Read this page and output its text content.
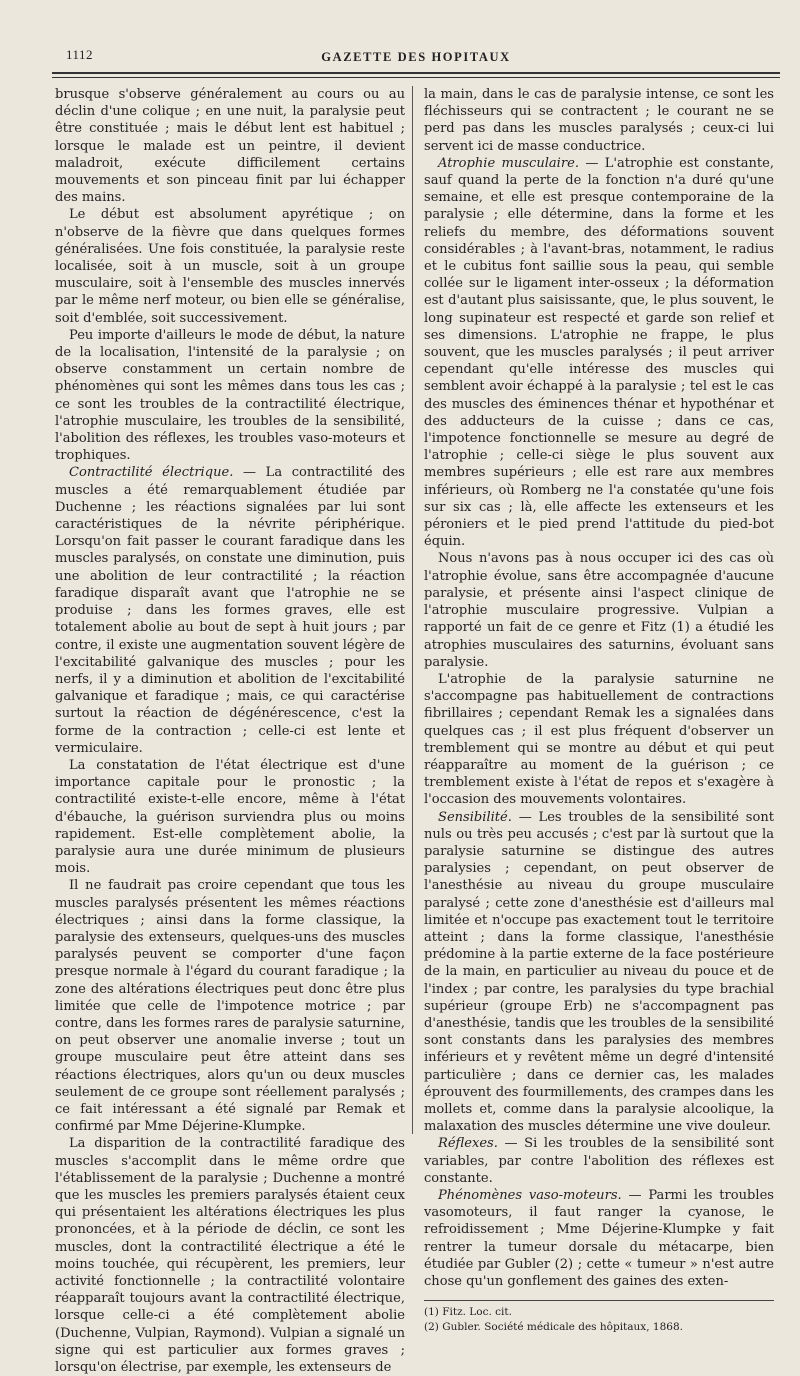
1112	GAZETTE DES HOPITAUX

brusque s'observe généralement au cours ou au déclin d'une colique ; en une nuit, la paralysie peut être constituée ; mais le début lent est habituel ; lorsque le malade est un peintre, il devient maladroit, exécute difficilement certains mouvements et son pinceau finit par lui échapper des mains.

Le début est absolument apyrétique ; on n'observe de la fièvre que dans quelques formes généralisées. Une fois constituée, la paralysie reste localisée, soit à un muscle, soit à un groupe musculaire, soit à l'ensemble des muscles innervés par le même nerf moteur, ou bien elle se généralise, soit d'emblée, soit successivement.

Peu importe d'ailleurs le mode de début, la nature de la localisation, l'intensité de la paralysie ; on observe constamment un certain nombre de phénomènes qui sont les mêmes dans tous les cas ; ce sont les troubles de la contractilité électrique, l'atrophie musculaire, les troubles de la sensibilité, l'abolition des réflexes, les troubles vaso-moteurs et trophiques.

Contractilité électrique. — La contractilité des muscles a été remarquablement étudiée par Duchenne ; les réactions signalées par lui sont caractéristiques de la névrite périphérique. Lorsqu'on fait passer le courant faradique dans les muscles paralysés, on constate une diminution, puis une abolition de leur contractilité ; la réaction faradique disparaît avant que l'atrophie ne se produise ; dans les formes graves, elle est totalement abolie au bout de sept à huit jours ; par contre, il existe une augmentation souvent légère de l'excitabilité galvanique des muscles ; pour les nerfs, il y a diminution et abolition de l'excitabilité galvanique et faradique ; mais, ce qui caractérise surtout la réaction de dégénérescence, c'est la forme de la contraction ; celle-ci est lente et vermiculaire.

La constatation de l'état électrique est d'une importance capitale pour le pronostic ; la contractilité existe-t-elle encore, même à l'état d'ébauche, la guérison surviendra plus ou moins rapidement. Est-elle complètement abolie, la paralysie aura une durée minimum de plusieurs mois.

Il ne faudrait pas croire cependant que tous les muscles paralysés présentent les mêmes réactions électriques ; ainsi dans la forme classique, la paralysie des extenseurs, quelques-uns des muscles paralysés peuvent se comporter d'une façon presque normale à l'égard du courant faradique ; la zone des altérations électriques peut donc être plus limitée que celle de l'impotence motrice ; par contre, dans les formes rares de paralysie saturnine, on peut observer une anomalie inverse ; tout un groupe musculaire peut être atteint dans ses réactions électriques, alors qu'un ou deux muscles seulement de ce groupe sont réellement paralysés ; ce fait intéressant a été signalé par Remak et confirmé par Mme Déjerine-Klumpke.

La disparition de la contractilité faradique des muscles s'accomplit dans le même ordre que l'établissement de la paralysie ; Duchenne a montré que les muscles les premiers paralysés étaient ceux qui présentaient les altérations électriques les plus prononcées, et à la période de déclin, ce sont les muscles, dont la contractilité électrique a été le moins touchée, qui récupèrent, les premiers, leur activité fonctionnelle ; la contractilité volontaire réapparaît toujours avant la contractilité électrique, lorsque celle-ci a été complètement abolie (Duchenne, Vulpian, Raymond). Vulpian a signalé un signe qui est particulier aux formes graves ; lorsqu'on électrise, par exemple, les extenseurs de

la main, dans le cas de paralysie intense, ce sont les fléchisseurs qui se contractent ; le courant ne se perd pas dans les muscles paralysés ; ceux-ci lui servent ici de masse conductrice.

Atrophie musculaire. — L'atrophie est constante, sauf quand la perte de la fonction n'a duré qu'une semaine, et elle est presque contemporaine de la paralysie ; elle détermine, dans la forme et les reliefs du membre, des déformations souvent considérables ; à l'avant-bras, notamment, le radius et le cubitus font saillie sous la peau, qui semble collée sur le ligament inter-osseux ; la déformation est d'autant plus saisissante, que, le plus souvent, le long supinateur est respecté et garde son relief et ses dimensions. L'atrophie ne frappe, le plus souvent, que les muscles paralysés ; il peut arriver cependant qu'elle intéresse des muscles qui semblent avoir échappé à la paralysie ; tel est le cas des muscles des éminences thénar et hypothénar et des adducteurs de la cuisse ; dans ce cas, l'impotence fonctionnelle se mesure au degré de l'atrophie ; celle-ci siège le plus souvent aux membres supérieurs ; elle est rare aux membres inférieurs, où Romberg ne l'a constatée qu'une fois sur six cas ; là, elle affecte les extenseurs et les péroniers et le pied prend l'attitude du pied-bot équin.

Nous n'avons pas à nous occuper ici des cas où l'atrophie évolue, sans être accompagnée d'aucune paralysie, et présente ainsi l'aspect clinique de l'atrophie musculaire progressive. Vulpian a rapporté un fait de ce genre et Fitz (1) a étudié les atrophies musculaires des saturnins, évoluant sans paralysie.

L'atrophie de la paralysie saturnine ne s'accompagne pas habituellement de contractions fibrillaires ; cependant Remak les a signalées dans quelques cas ; il est plus fréquent d'observer un tremblement qui se montre au début et qui peut réapparaître au moment de la guérison ; ce tremblement existe à l'état de repos et s'exagère à l'occasion des mouvements volontaires.

Sensibilité. — Les troubles de la sensibilité sont nuls ou très peu accusés ; c'est par là surtout que la paralysie saturnine se distingue des autres paralysies ; cependant, on peut observer de l'anesthésie au niveau du groupe musculaire paralysé ; cette zone d'anesthésie est d'ailleurs mal limitée et n'occupe pas exactement tout le territoire atteint ; dans la forme classique, l'anesthésie prédomine à la partie externe de la face postérieure de la main, en particulier au niveau du pouce et de l'index ; par contre, les paralysies du type brachial supérieur (groupe Erb) ne s'accompagnent pas d'anesthésie, tandis que les troubles de la sensibilité sont constants dans les paralysies des membres inférieurs et y revêtent même un degré d'intensité particulière ; dans ce dernier cas, les malades éprouvent des fourmillements, des crampes dans les mollets et, comme dans la paralysie alcoolique, la malaxation des muscles détermine une vive douleur.

Réflexes. — Si les troubles de la sensibilité sont variables, par contre l'abolition des réflexes est constante.

Phénomènes vaso-moteurs. — Parmi les troubles vasomoteurs, il faut ranger la cyanose, le refroidissement ; Mme Déjerine-Klumpke y fait rentrer la tumeur dorsale du métacarpe, bien étudiée par Gubler (2) ; cette « tumeur » n'est autre chose qu'un gonflement des gaines des exten-

(1) Fitz. Loc. cit.

(2) Gubler. Société médicale des hôpitaux, 1868.
